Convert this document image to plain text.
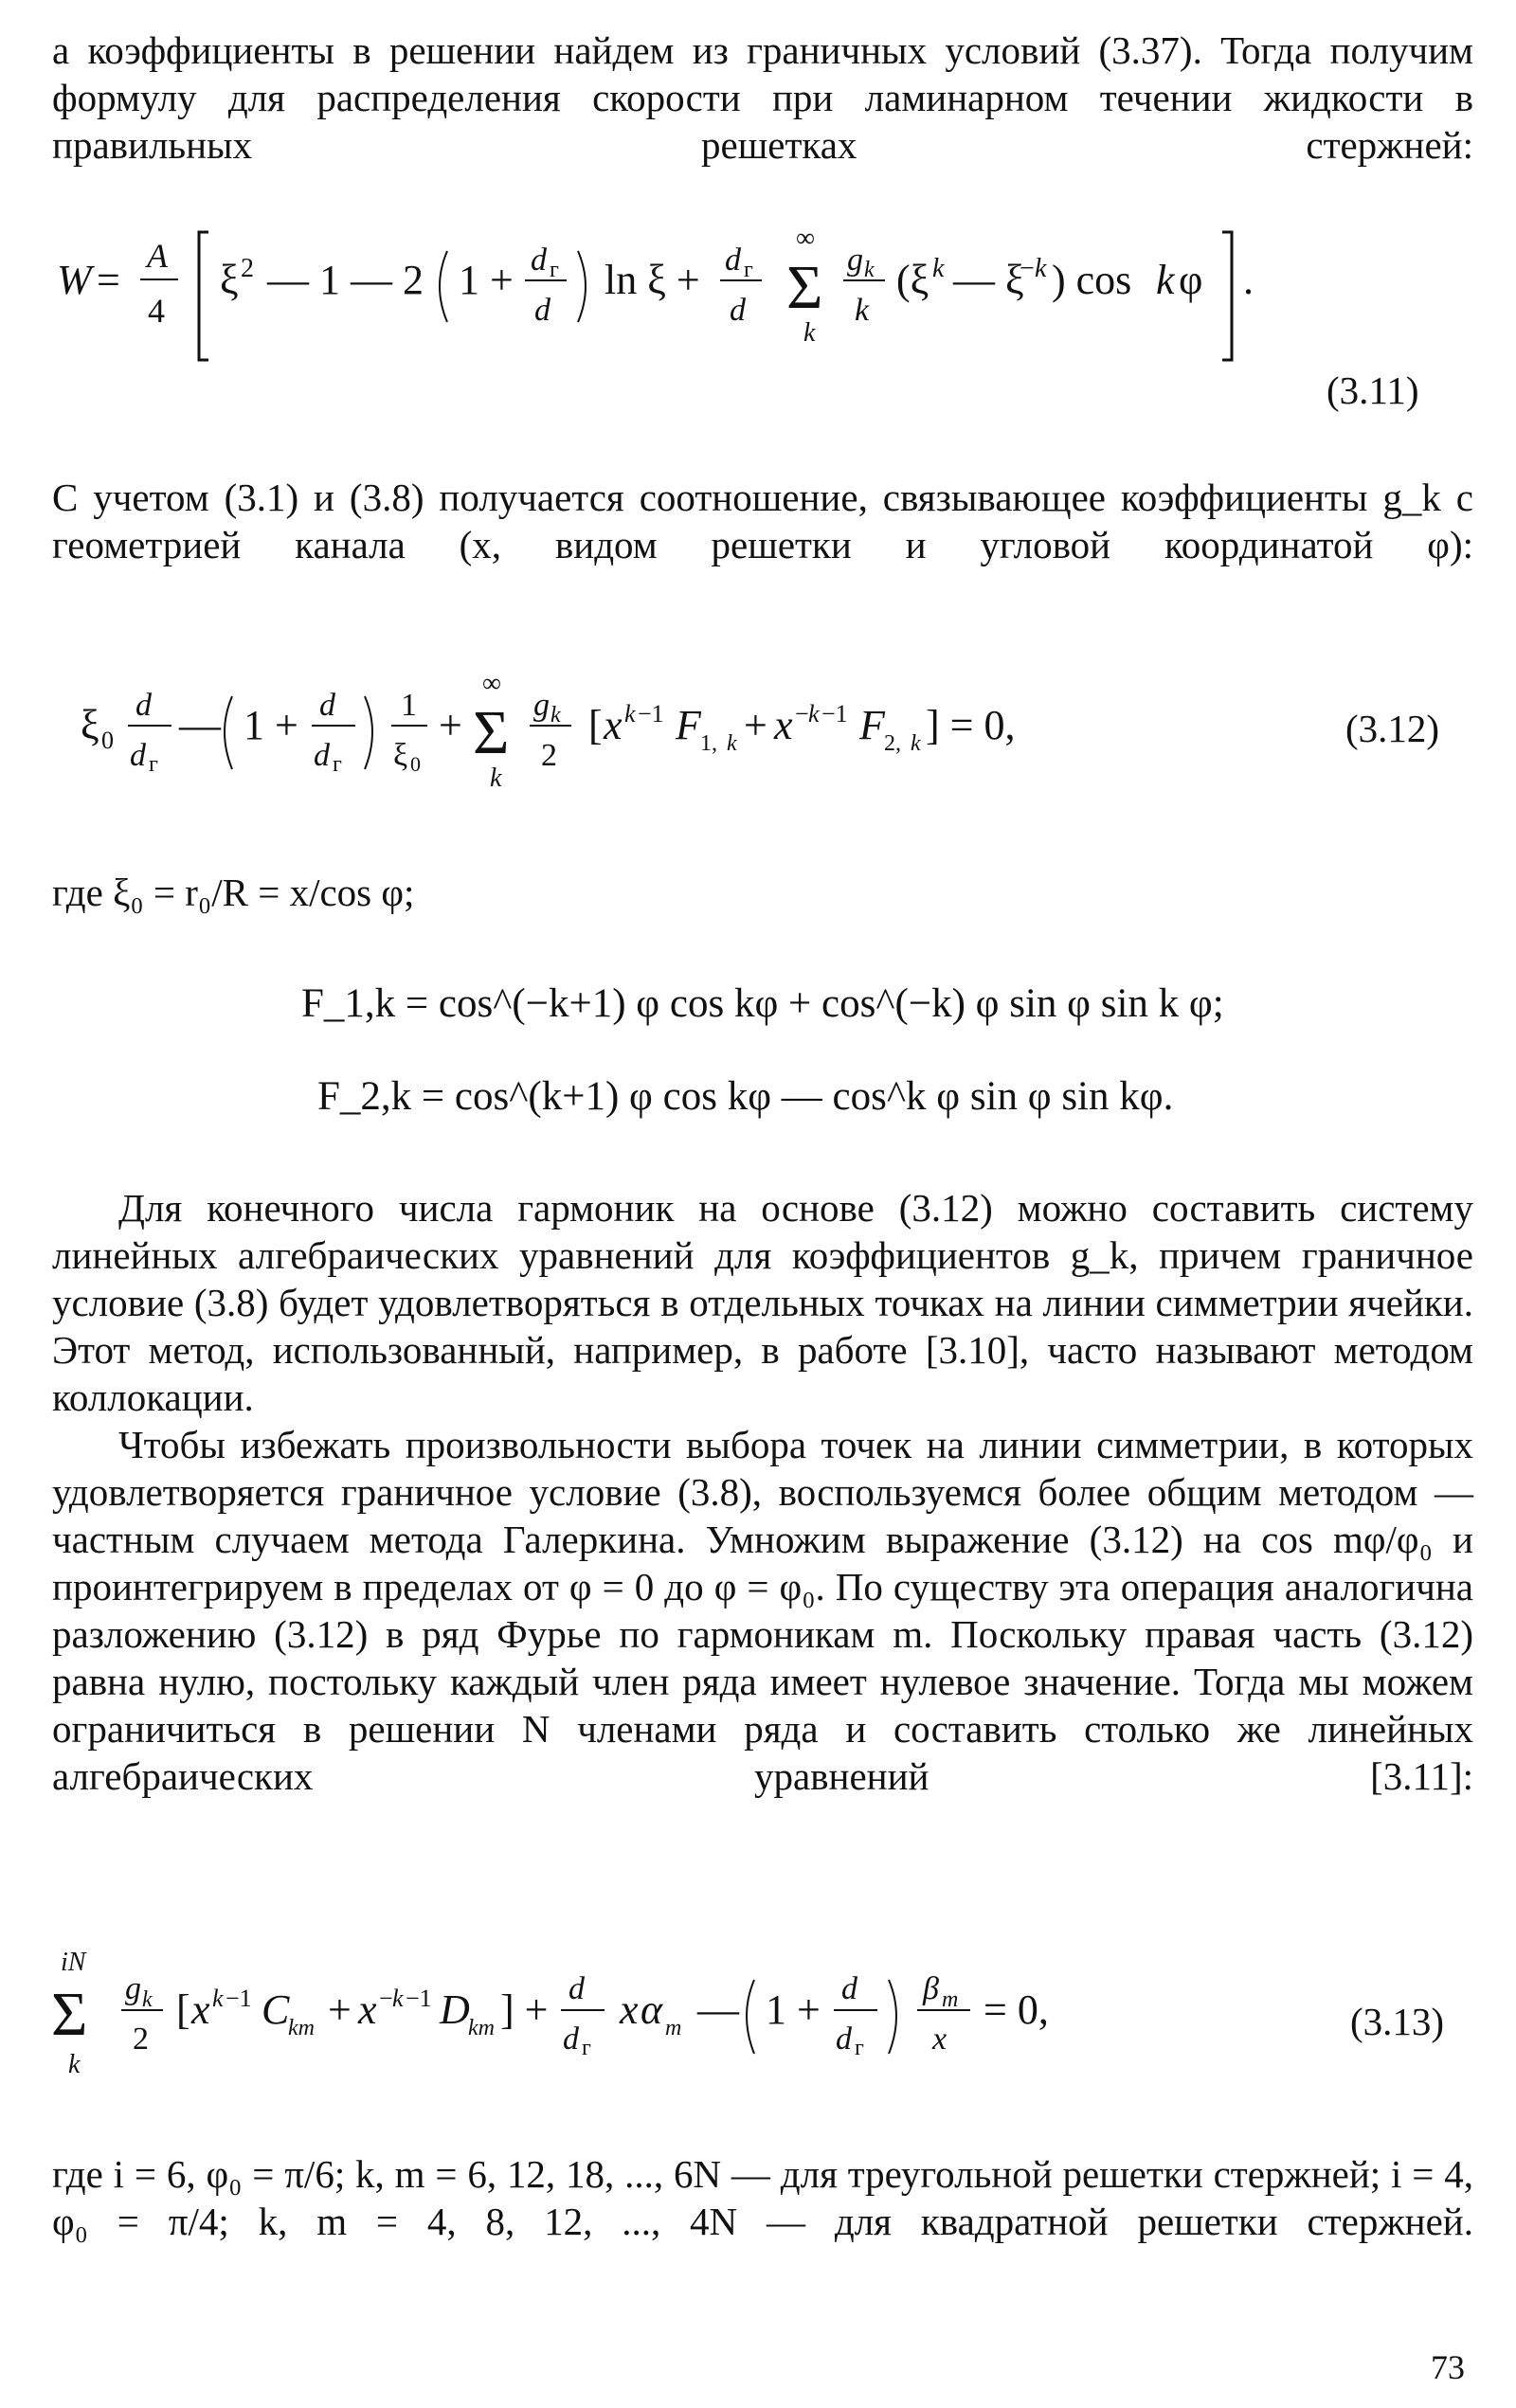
а коэффициенты в решении найдем из граничных условий (3.37). Тогда получим формулу для распределения скорости при ламинарном течении жидкости в правильных решетках стержней:
W =
A
4
ξ 2 — 1 — 2 1 + d г
d
ln ξ + d г
d
∞
Σ
k
g k
k
(ξ k — ξ
− k ) cos k φ .
(3.11)
С учетом (3.1) и (3.8) получается соотношение, связывающее коэффициенты g_k с геометрией канала (x, видом решетки и угловой координатой φ):
ξ 0
d
d г
— 1 + d
d г
1
ξ 0
+
∞
Σ
k
g k
2
[ x k −1 F 1, k + x − k −1 F 2, k ] = 0,	(3.12)
где ξ₀ = r₀/R = x/cos φ;
F_1,k = cos^(−k+1) φ cos kφ + cos^(−k) φ sin φ sin k φ;
F_2,k = cos^(k+1) φ cos kφ — cos^k φ sin φ sin kφ.
Для конечного числа гармоник на основе (3.12) можно составить систему линейных алгебраических уравнений для коэффициентов g_k, причем граничное условие (3.8) будет удовлетворяться в отдельных точках на линии симметрии ячейки. Этот метод, использованный, например, в работе [3.10], часто называют методом коллокации.
Чтобы избежать произвольности выбора точек на линии симметрии, в которых удовлетворяется граничное условие (3.8), воспользуемся более общим методом — частным случаем метода Галеркина. Умножим выражение (3.12) на cos mφ/φ₀ и проинтегрируем в пределах от φ = 0 до φ = φ₀. По существу эта операция аналогична разложению (3.12) в ряд Фурье по гармоникам m. Поскольку правая часть (3.12) равна нулю, постольку каждый член ряда имеет нулевое значение. Тогда мы можем ограничиться в решении N членами ряда и составить столько же линейных алгебраических уравнений [3.11]:
iN
Σ
k
g k
2
[ x k −1 C
km + x − k −1 D
km ] + d
d г
x α m — 1 + d
d г
β m
x
= 0,	(3.13)
где i = 6, φ₀ = π/6; k, m = 6, 12, 18, ..., 6N — для треугольной решетки стержней; i = 4, φ₀ = π/4; k, m = 4, 8, 12, ..., 4N — для квадратной решетки стержней.
73
